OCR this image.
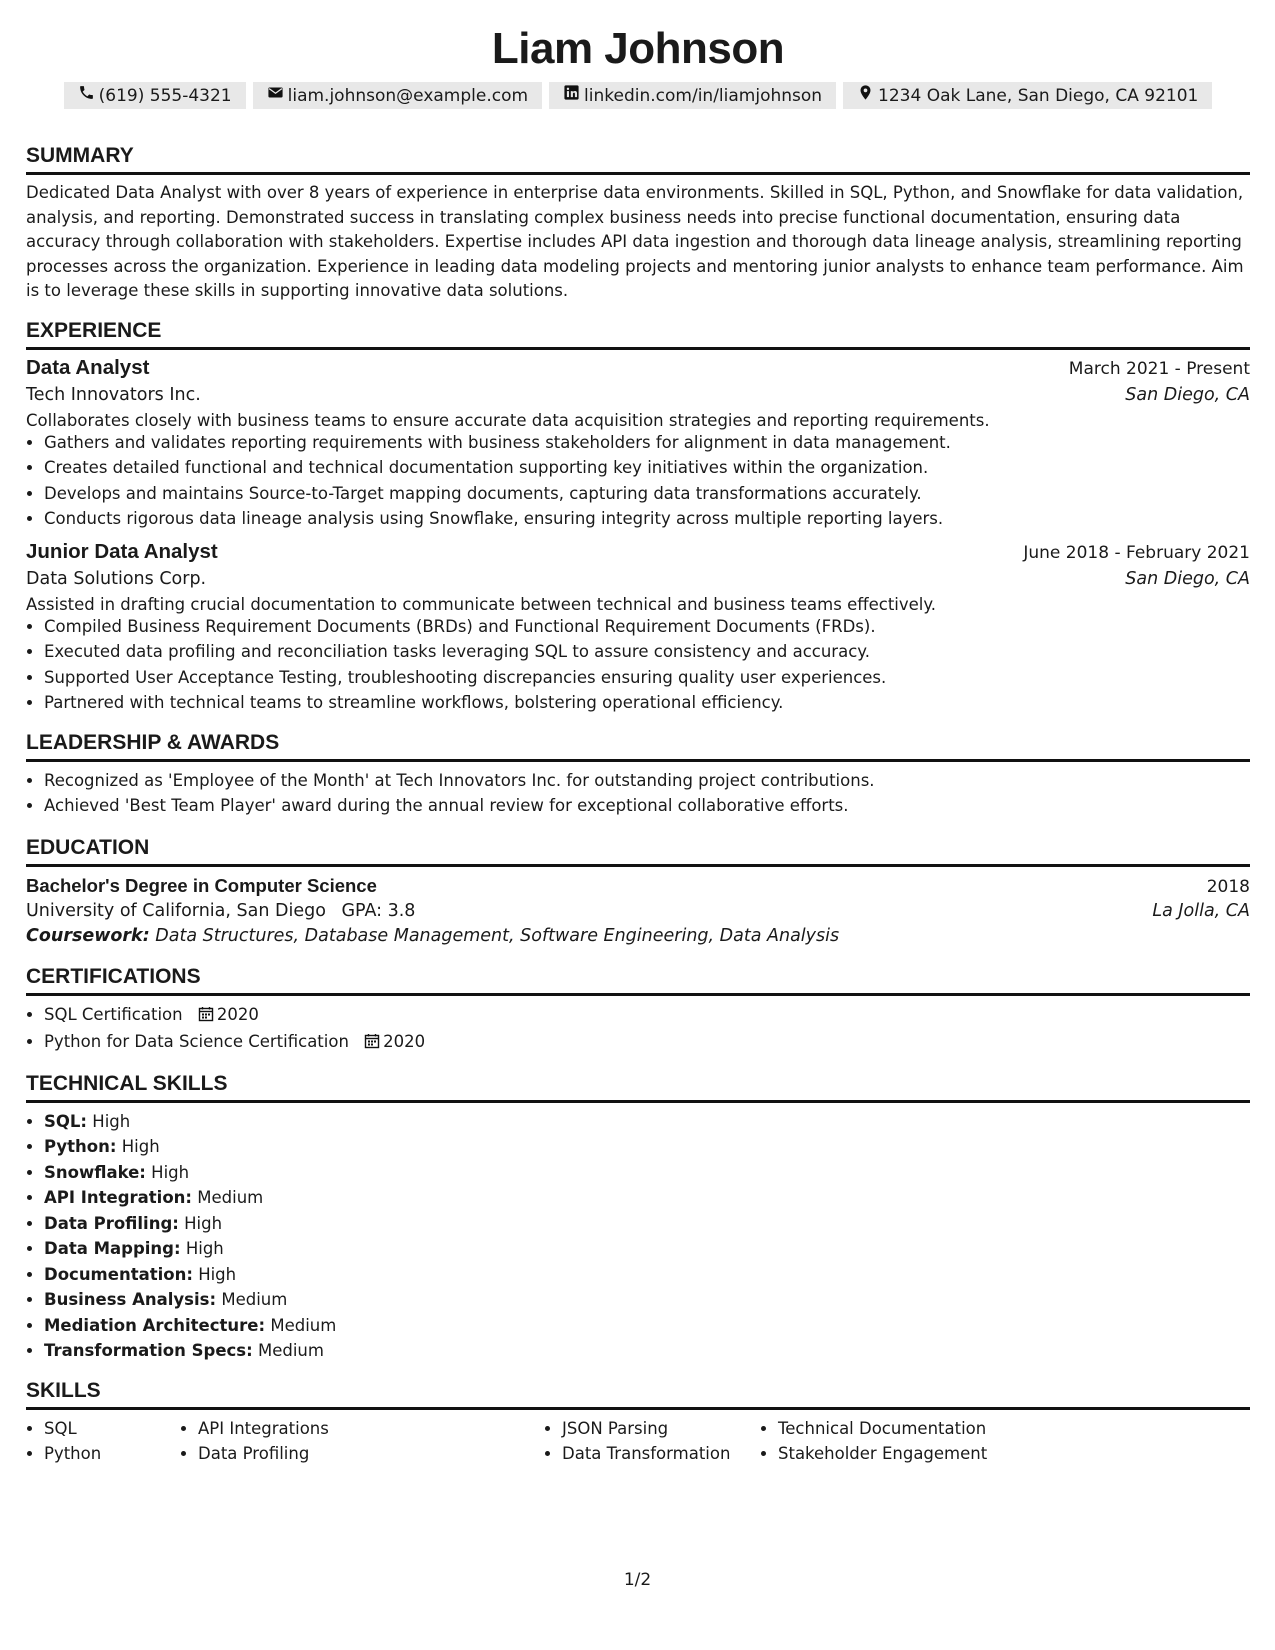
Liam Johnson
(619) 555-4321	liam.johnson@example.com	linkedin.com/in/liamjohnson	1234 Oak Lane, San Diego, CA 92101
SUMMARY
Dedicated Data Analyst with over 8 years of experience in enterprise data environments. Skilled in SQL, Python, and Snowflake for data validation, analysis, and reporting. Demonstrated success in translating complex business needs into precise functional documentation, ensuring data accuracy through collaboration with stakeholders. Expertise includes API data ingestion and thorough data lineage analysis, streamlining reporting processes across the organization. Experience in leading data modeling projects and mentoring junior analysts to enhance team performance. Aim is to leverage these skills in supporting innovative data solutions.
EXPERIENCE
Data Analyst	March 2021 - Present
Tech Innovators Inc.	San Diego, CA
Collaborates closely with business teams to ensure accurate data acquisition strategies and reporting requirements.
• Gathers and validates reporting requirements with business stakeholders for alignment in data management.
• Creates detailed functional and technical documentation supporting key initiatives within the organization.
• Develops and maintains Source-to-Target mapping documents, capturing data transformations accurately.
• Conducts rigorous data lineage analysis using Snowflake, ensuring integrity across multiple reporting layers.
Junior Data Analyst	June 2018 - February 2021
Data Solutions Corp.	San Diego, CA
Assisted in drafting crucial documentation to communicate between technical and business teams effectively.
• Compiled Business Requirement Documents (BRDs) and Functional Requirement Documents (FRDs).
• Executed data profiling and reconciliation tasks leveraging SQL to assure consistency and accuracy.
• Supported User Acceptance Testing, troubleshooting discrepancies ensuring quality user experiences.
• Partnered with technical teams to streamline workflows, bolstering operational efficiency.
LEADERSHIP & AWARDS
• Recognized as 'Employee of the Month' at Tech Innovators Inc. for outstanding project contributions.
• Achieved 'Best Team Player' award during the annual review for exceptional collaborative efforts.
EDUCATION
Bachelor's Degree in Computer Science	2018
University of California, San Diego GPA: 3.8	La Jolla, CA
Coursework: Data Structures, Database Management, Software Engineering, Data Analysis
CERTIFICATIONS
• SQL Certification 2020
• Python for Data Science Certification 2020
TECHNICAL SKILLS
• SQL: High
• Python: High
• Snowflake: High
• API Integration: Medium
• Data Profiling: High
• Data Mapping: High
• Documentation: High
• Business Analysis: Medium
• Mediation Architecture: Medium
• Transformation Specs: Medium
SKILLS
• SQL
• Python
• API Integrations
• Data Profiling
• JSON Parsing
• Data Transformation
• Technical Documentation
• Stakeholder Engagement
1/2
